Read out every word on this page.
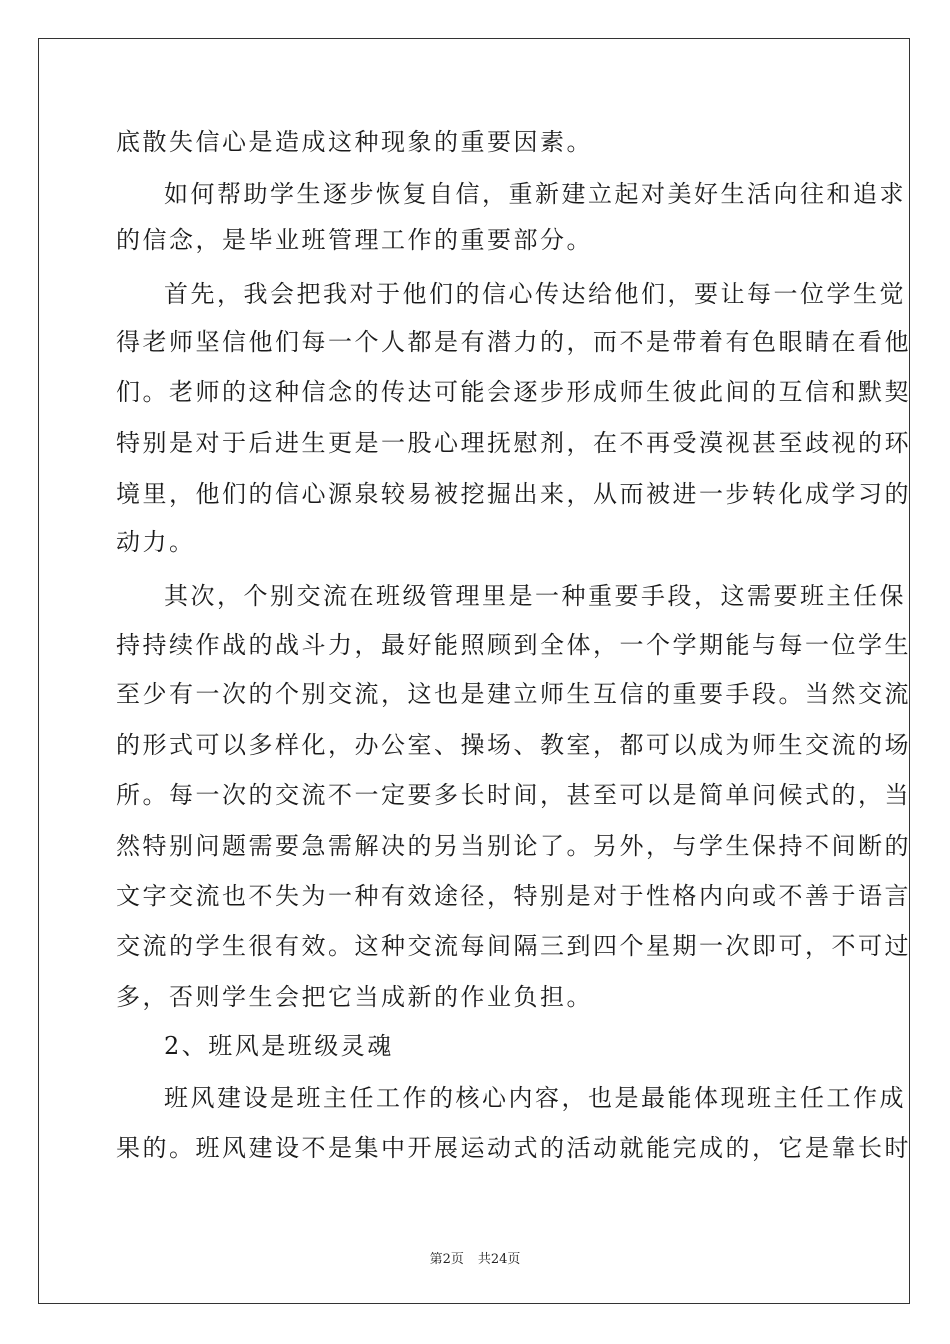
底散失信心是造成这种现象的重要因素。
如何帮助学生逐步恢复自信，重新建立起对美好生活向往和追求
的信念，是毕业班管理工作的重要部分。
首先，我会把我对于他们的信心传达给他们，要让每一位学生觉
得老师坚信他们每一个人都是有潜力的，而不是带着有色眼睛在看他
们。老师的这种信念的传达可能会逐步形成师生彼此间的互信和默契
特别是对于后进生更是一股心理抚慰剂，在不再受漠视甚至歧视的环
境里，他们的信心源泉较易被挖掘出来，从而被进一步转化成学习的
动力。
其次，个别交流在班级管理里是一种重要手段，这需要班主任保
持持续作战的战斗力，最好能照顾到全体，一个学期能与每一位学生
至少有一次的个别交流，这也是建立师生互信的重要手段。当然交流
的形式可以多样化，办公室、操场、教室，都可以成为师生交流的场
所。每一次的交流不一定要多长时间，甚至可以是简单问候式的，当
然特别问题需要急需解决的另当别论了。另外，与学生保持不间断的
文字交流也不失为一种有效途径，特别是对于性格内向或不善于语言
交流的学生很有效。这种交流每间隔三到四个星期一次即可，不可过
多，否则学生会把它当成新的作业负担。
2、班风是班级灵魂
班风建设是班主任工作的核心内容，也是最能体现班主任工作成
果的。班风建设不是集中开展运动式的活动就能完成的，它是靠长时
第2页 共24页
